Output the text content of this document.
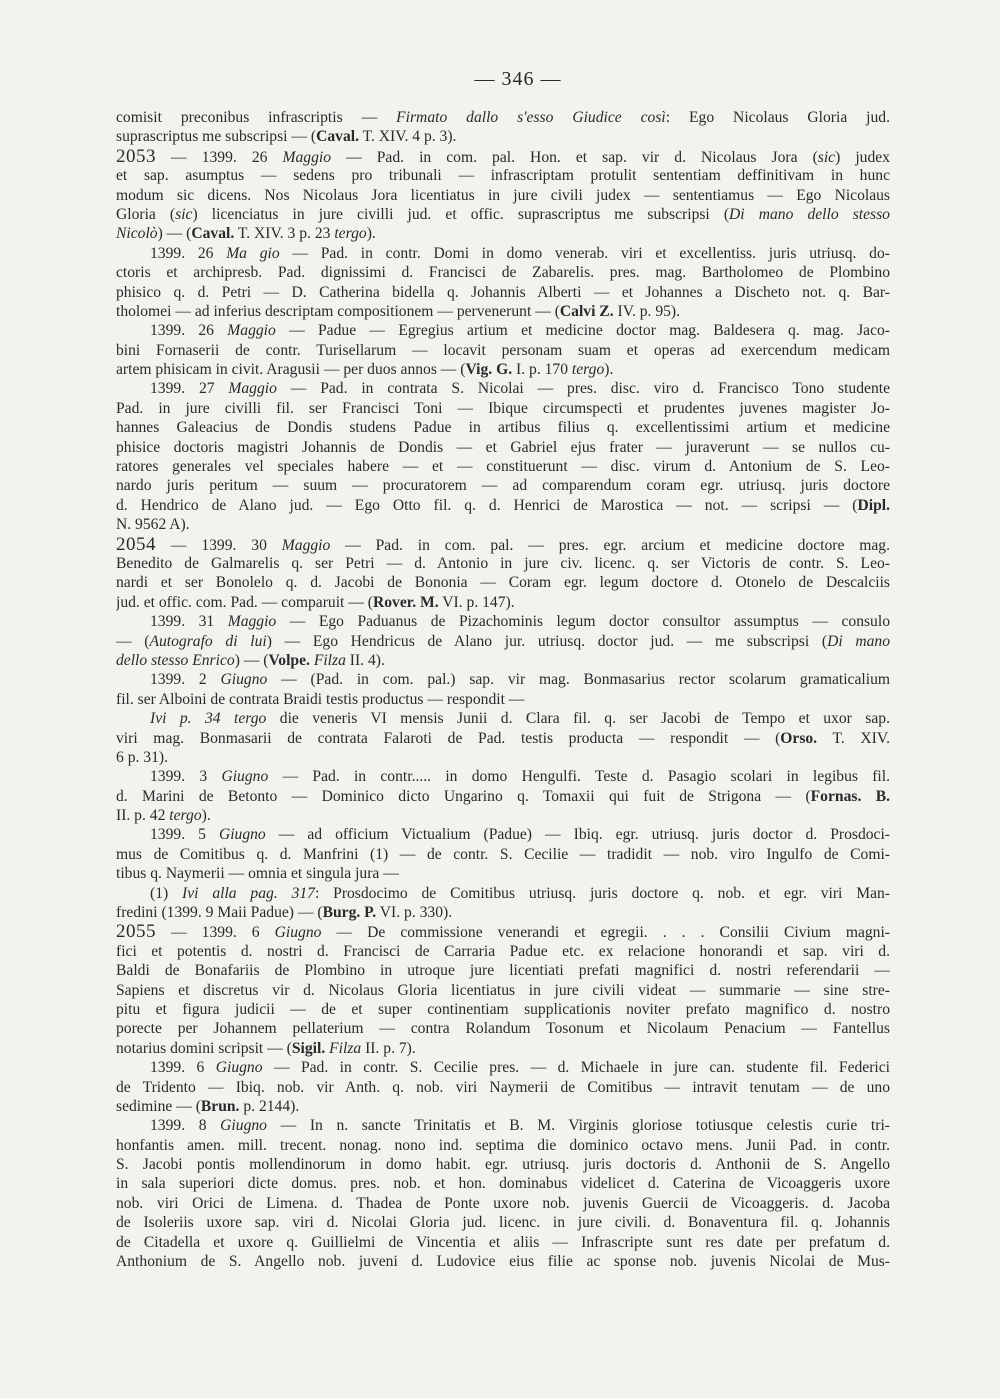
— 346 —
comisit preconibus infrascriptis — Firmato dallo s'esso Giudice così: Ego Nicolaus Gloria jud.
suprascriptus me subscripsi — (Caval. T. XIV. 4 p. 3).
2053 — 1399. 26 Maggio — Pad. in com. pal. Hon. et sap. vir d. Nicolaus Jora (sic) judex
et sap. asumptus — sedens pro tribunali — infrascriptam protulit sententiam deffinitivam in hunc
modum sic dicens. Nos Nicolaus Jora licentiatus in jure civili judex — sententiamus — Ego Nicolaus
Gloria (sic) licenciatus in jure civilli jud. et offic. suprascriptus me subscripsi (Di mano dello stesso
Nicolò) — (Caval. T. XIV. 3 p. 23 tergo).
1399. 26 Ma gio — Pad. in contr. Domi in domo venerab. viri et excellentiss. juris utriusq. do-
ctoris et archipresb. Pad. dignissimi d. Francisci de Zabarelis. pres. mag. Bartholomeo de Plombino
phisico q. d. Petri — D. Catherina bidella q. Johannis Alberti — et Johannes a Discheto not. q. Bar-
tholomei — ad inferius descriptam compositionem — pervenerunt — (Calvi Z. IV. p. 95).
1399. 26 Maggio — Padue — Egregius artium et medicine doctor mag. Baldesera q. mag. Jaco-
bini Fornaserii de contr. Turisellarum — locavit personam suam et operas ad exercendum medicam
artem phisicam in civit. Aragusii — per duos annos — (Vig. G. I. p. 170 tergo).
1399. 27 Maggio — Pad. in contrata S. Nicolai — pres. disc. viro d. Francisco Tono studente
Pad. in jure civilli fil. ser Francisci Toni — Ibique circumspecti et prudentes juvenes magister Jo-
hannes Galeacius de Dondis studens Padue in artibus filius q. excellentissimi artium et medicine
phisice doctoris magistri Johannis de Dondis — et Gabriel ejus frater — juraverunt — se nullos cu-
ratores generales vel speciales habere — et — constituerunt — disc. virum d. Antonium de S. Leo-
nardo juris peritum — suum — procuratorem — ad comparendum coram egr. utriusq. juris doctore
d. Hendrico de Alano jud. — Ego Otto fil. q. d. Henrici de Marostica — not. — scripsi — (Dipl.
N. 9562 A).
2054 — 1399. 30 Maggio — Pad. in com. pal. — pres. egr. arcium et medicine doctore mag.
Benedito de Galmarelis q. ser Petri — d. Antonio in jure civ. licenc. q. ser Victoris de contr. S. Leo-
nardi et ser Bonolelo q. d. Jacobi de Bononia — Coram egr. legum doctore d. Otonelo de Descalciis
jud. et offic. com. Pad. — comparuit — (Rover. M. VI. p. 147).
1399. 31 Maggio — Ego Paduanus de Pizachominis legum doctor consultor assumptus — consulo
— (Autografo di lui) — Ego Hendricus de Alano jur. utriusq. doctor jud. — me subscripsi (Di mano
dello stesso Enrico) — (Volpe. Filza II. 4).
1399. 2 Giugno — (Pad. in com. pal.) sap. vir mag. Bonmasarius rector scolarum gramaticalium
fil. ser Alboini de contrata Braidi testis productus — respondit —
Ivi p. 34 tergo die veneris VI mensis Junii d. Clara fil. q. ser Jacobi de Tempo et uxor sap.
viri mag. Bonmasarii de contrata Falaroti de Pad. testis producta — respondit — (Orso. T. XIV.
6 p. 31).
1399. 3 Giugno — Pad. in contr..... in domo Hengulfi. Teste d. Pasagio scolari in legibus fil.
d. Marini de Betonto — Dominico dicto Ungarino q. Tomaxii qui fuit de Strigona — (Fornas. B.
II. p. 42 tergo).
1399. 5 Giugno — ad officium Victualium (Padue) — Ibiq. egr. utriusq. juris doctor d. Prosdoci-
mus de Comitibus q. d. Manfrini (1) — de contr. S. Cecilie — tradidit — nob. viro Ingulfo de Comi-
tibus q. Naymerii — omnia et singula jura —
(1) Ivi alla pag. 317: Prosdocimo de Comitibus utriusq. juris doctore q. nob. et egr. viri Man-
fredini (1399. 9 Maii Padue) — (Burg. P. VI. p. 330).
2055 — 1399. 6 Giugno — De commissione venerandi et egregii. . . . Consilii Civium magni-
fici et potentis d. nostri d. Francisci de Carraria Padue etc. ex relacione honorandi et sap. viri d.
Baldi de Bonafariis de Plombino in utroque jure licentiati prefati magnifici d. nostri referendarii —
Sapiens et discretus vir d. Nicolaus Gloria licentiatus in jure civili videat — summarie — sine stre-
pitu et figura judicii — de et super continentiam supplicationis noviter prefato magnifico d. nostro
porecte per Johannem pellaterium — contra Rolandum Tosonum et Nicolaum Penacium — Fantellus
notarius domini scripsit — (Sigil. Filza II. p. 7).
1399. 6 Giugno — Pad. in contr. S. Cecilie pres. — d. Michaele in jure can. studente fil. Federici
de Tridento — Ibiq. nob. vir Anth. q. nob. viri Naymerii de Comitibus — intravit tenutam — de uno
sedimine — (Brun. p. 2144).
1399. 8 Giugno — In n. sancte Trinitatis et B. M. Virginis gloriose totiusque celestis curie tri-
honfantis amen. mill. trecent. nonag. nono ind. septima die dominico octavo mens. Junii Pad. in contr.
S. Jacobi pontis mollendinorum in domo habit. egr. utriusq. juris doctoris d. Anthonii de S. Angello
in sala superiori dicte domus. pres. nob. et hon. dominabus videlicet d. Caterina de Vicoaggeris uxore
nob. viri Orici de Limena. d. Thadea de Ponte uxore nob. juvenis Guercii de Vicoaggeris. d. Jacoba
de Isoleriis uxore sap. viri d. Nicolai Gloria jud. licenc. in jure civili. d. Bonaventura fil. q. Johannis
de Citadella et uxore q. Guillielmi de Vincentia et aliis — Infrascripte sunt res date per prefatum d.
Anthonium de S. Angello nob. juveni d. Ludovice eius filie ac sponse nob. juvenis Nicolai de Mus-
